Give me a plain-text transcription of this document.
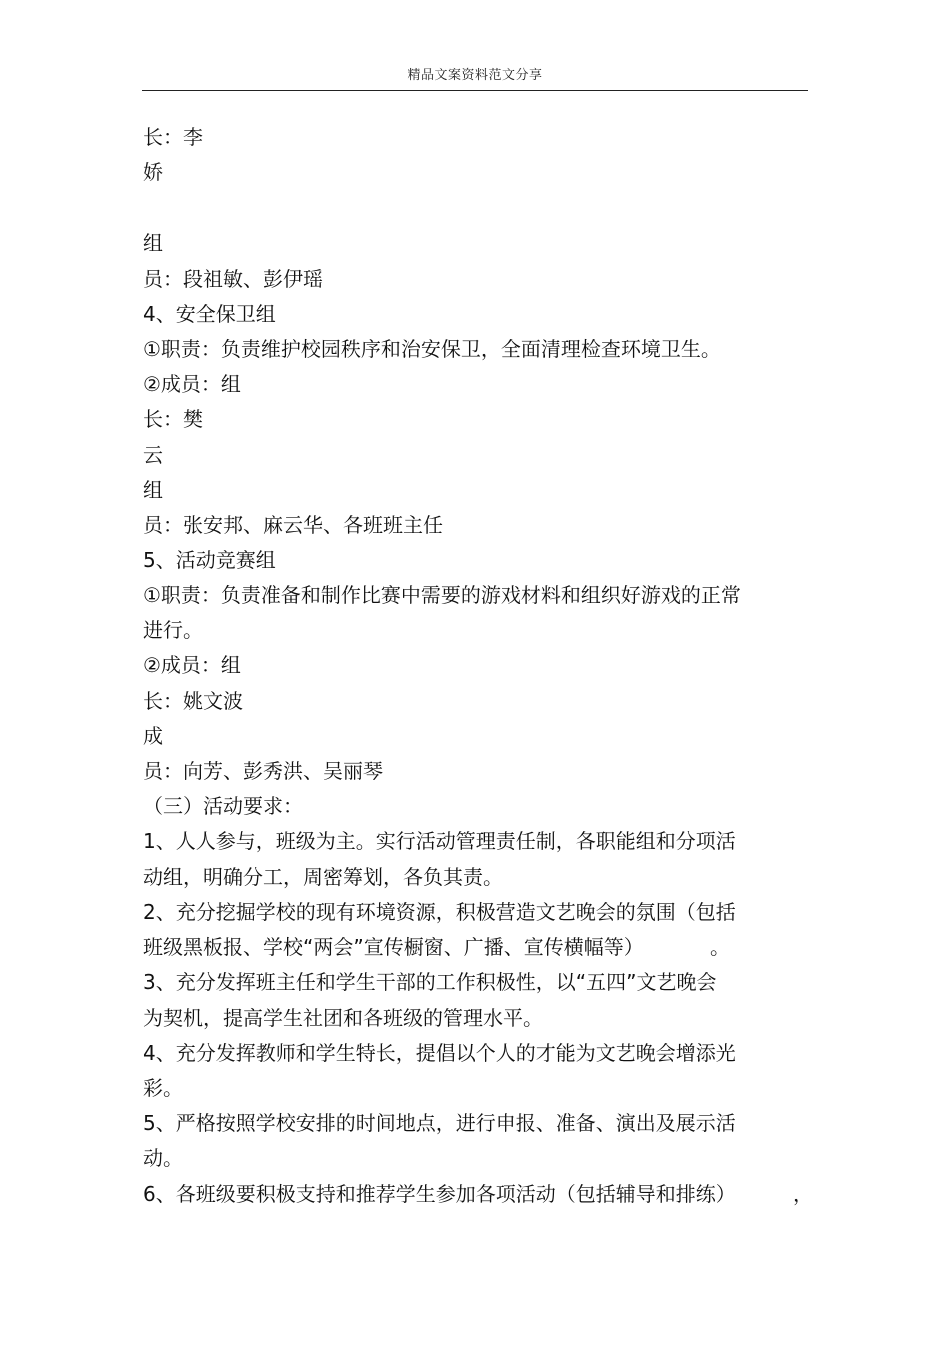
精品文案资料范文分享
长：李
娇
组
员：段祖敏、彭伊瑶
4、安全保卫组
①职责：负责维护校园秩序和治安保卫，全面清理检查环境卫生。
②成员：组
长：樊
云
组
员：张安邦、麻云华、各班班主任
5、活动竞赛组
①职责：负责准备和制作比赛中需要的游戏材料和组织好游戏的正常
进行。
②成员：组
长：姚文波
成
员：向芳、彭秀洪、吴丽琴
（三）活动要求：
1、人人参与，班级为主。实行活动管理责任制，各职能组和分项活
动组，明确分工，周密筹划，各负其责。
2、充分挖掘学校的现有环境资源，积极营造文艺晚会的氛围（包括
班级黑板报、学校“两会”宣传橱窗、广播、宣传横幅等）	。
3、充分发挥班主任和学生干部的工作积极性，以“五四”文艺晚会
为契机，提高学生社团和各班级的管理水平。
4、充分发挥教师和学生特长，提倡以个人的才能为文艺晚会增添光
彩。
5、严格按照学校安排的时间地点，进行申报、准备、演出及展示活
动。
6、各班级要积极支持和推荐学生参加各项活动（包括辅导和排练）	，
